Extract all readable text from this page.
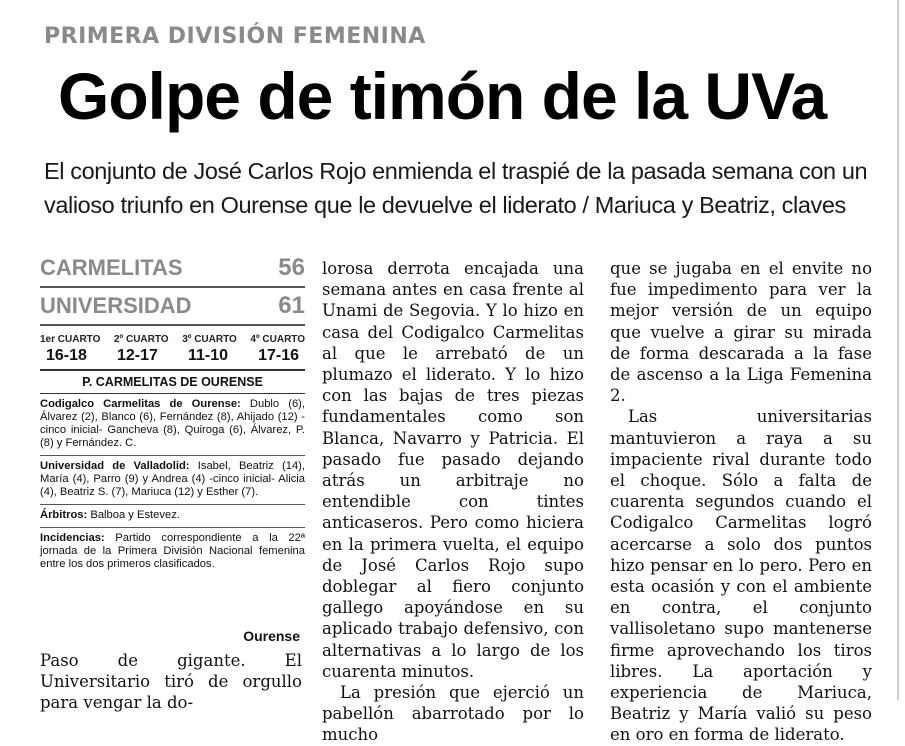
PRIMERA DIVISIÓN FEMENINA
Golpe de timón de la UVa
El conjunto de José Carlos Rojo enmienda el traspié de la pasada semana con un
valioso triunfo en Ourense que le devuelve el liderato / Mariuca y Beatriz, claves
CARMELITAS	56
UNIVERSIDAD	61
1er CUARTO 2º CUARTO 3º CUARTO 4º CUARTO
16-18 12-17 11-10 17-16
P. CARMELITAS DE OURENSE
Codigalco Carmelitas de Ourense: Dublo (6), Álvarez (2), Blanco (6), Fernández (8), Ahijado (12) -cinco inicial- Gancheva (8), Quiroga (6), Álvarez, P. (8) y Fernández. C.
Universidad de Valladolid: Isabel, Beatriz (14), María (4), Parro (9) y Andrea (4) -cinco inicial- Alicia (4), Beatriz S. (7), Mariuca (12) y Esther (7).
Árbitros: Balboa y Estevez.
Incidencias: Partido correspondiente a la 22ª jornada de la Primera División Nacional femenina entre los dos primeros clasificados.
Ourense

Paso de gigante. El Universitario tiró de orgullo para vengar la do-

lorosa derrota encajada una semana antes en casa frente al Unami de Segovia. Y lo hizo en casa del Codigalco Carmelitas al que le arrebató de un plumazo el liderato. Y lo hizo con las bajas de tres piezas fundamentales como son Blanca, Navarro y Patricia. El pasado fue pasado dejando atrás un arbitraje no entendible con tintes anticaseros. Pero como hiciera en la primera vuelta, el equipo de José Carlos Rojo supo doblegar al fiero conjunto gallego apoyándose en su aplicado trabajo defensivo, con alternativas a lo largo de los cuarenta minutos.

La presión que ejerció un pabellón abarrotado por lo mucho

que se jugaba en el envite no fue impedimento para ver la mejor versión de un equipo que vuelve a girar su mirada de forma descarada a la fase de ascenso a la Liga Femenina 2.

Las universitarias mantuvieron a raya a su impaciente rival durante todo el choque. Sólo a falta de cuarenta segundos cuando el Codigalco Carmelitas logró acercarse a solo dos puntos hizo pensar en lo pero. Pero en esta ocasión y con el ambiente en contra, el conjunto vallisoletano supo mantenerse firme aprovechando los tiros libres. La aportación y experiencia de Mariuca, Beatriz y María valió su peso en oro en forma de liderato.
